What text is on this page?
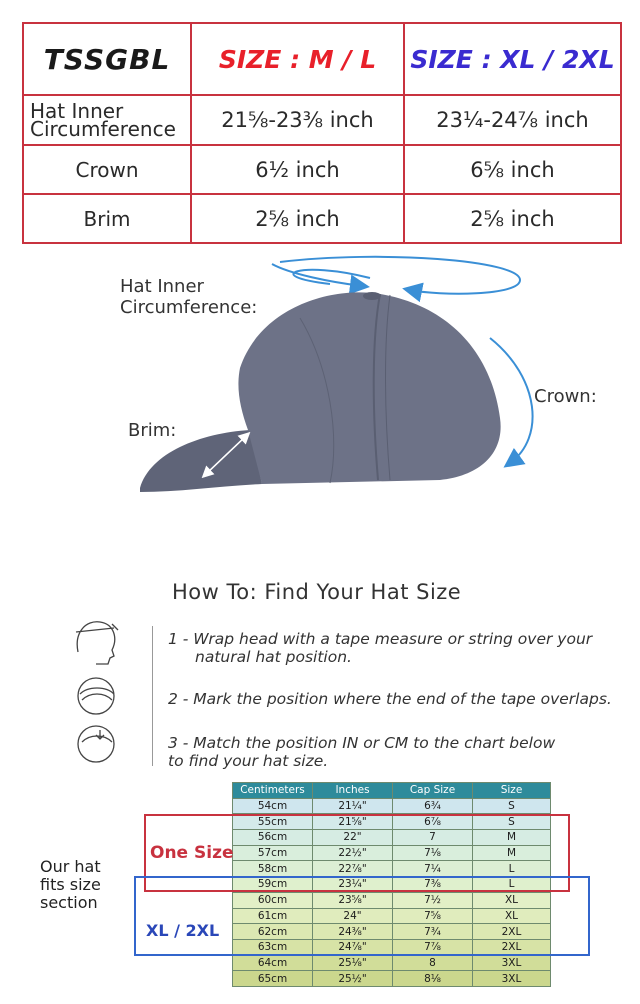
TSSGBL	SIZE : M / L	SIZE : XL / 2XL

Hat Inner
Circumference	21⅝-23⅜ inch	23¼-24⅞ inch
Crown	6½ inch	6⅝ inch
Brim	2⅝ inch	2⅝ inch
Hat Inner
Circumference:
Crown:
Brim:
How To: Find Your Hat Size
1 - Wrap head with a tape measure or string over your
natural hat position.
2 - Mark the position where the end of the tape overlaps.
3 - Match the position IN or CM to the chart below
to find your hat size.
Centimeters	Inches	Cap Size	Size
54cm	21¼"	6¾	S
55cm	21⅝"	6⅞	S
56cm	22"	7	M
57cm	22½"	7⅛	M
58cm	22⅞"	7¼	L
59cm	23¼"	7⅜	L
60cm	23⅝"	7½	XL
61cm	24"	7⅝	XL
62cm	24⅜"	7¾	2XL
63cm	24⅞"	7⅞	2XL
64cm	25⅛"	8	3XL
65cm	25½"	8⅛	3XL
One Size
XL / 2XL
Our hat
fits size
section
